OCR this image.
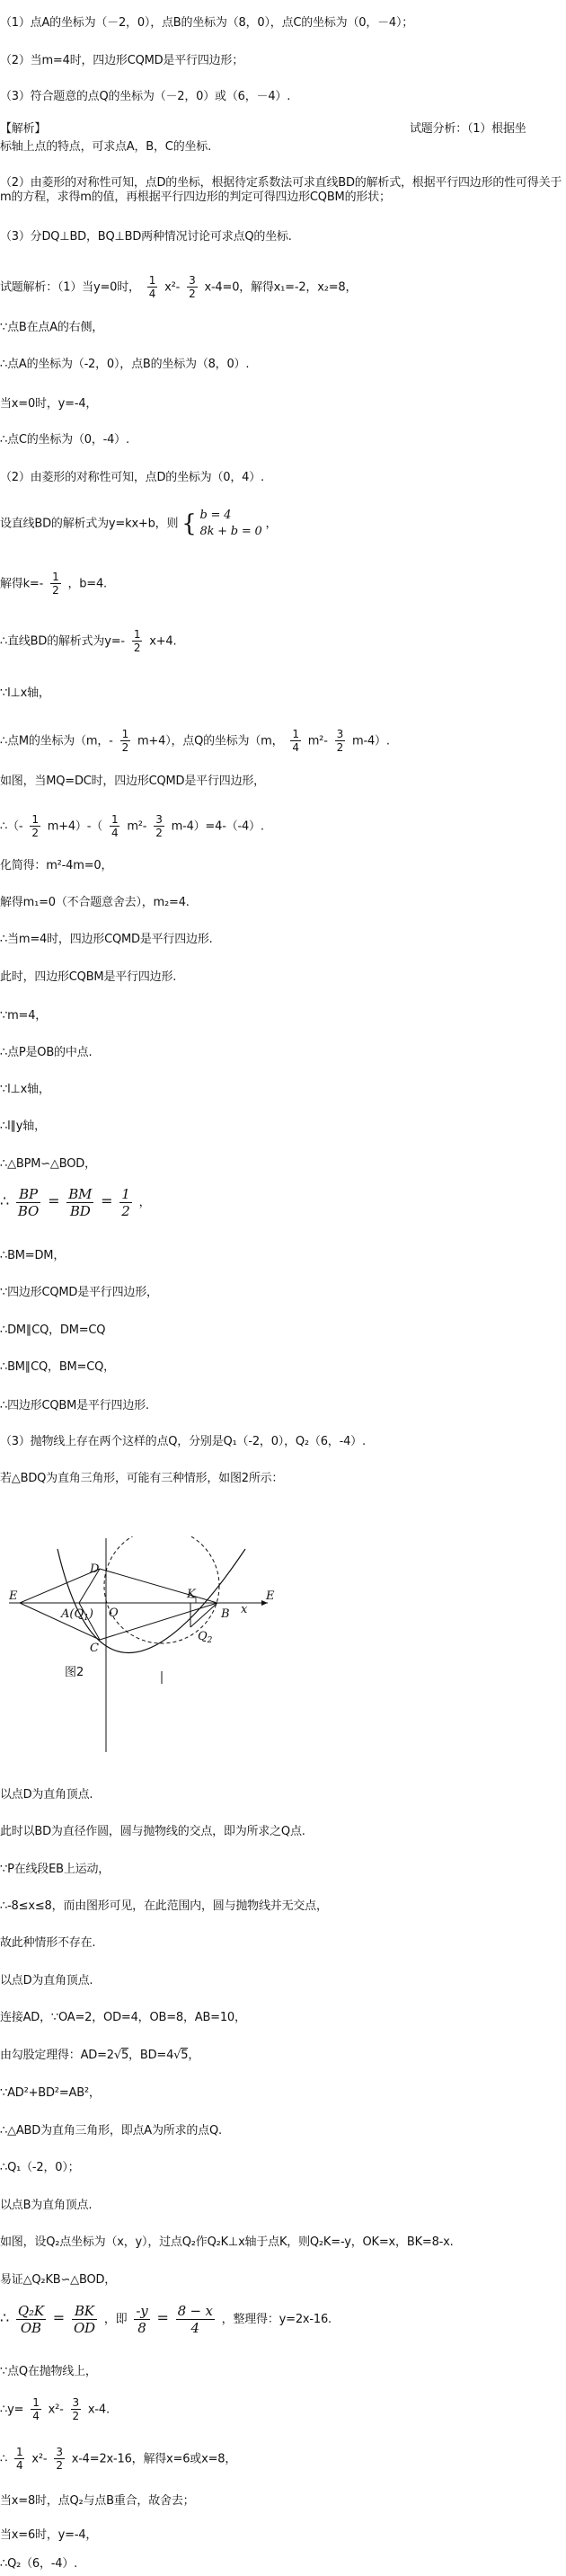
（1）点A的坐标为（－2，0），点B的坐标为（8，0），点C的坐标为（0，－4）；
（2）当m=4时，四边形CQMD是平行四边形；
（3）符合题意的点Q的坐标为（－2，0）或（6，－4）.
【解析】	试题分析：（1）根据坐
标轴上点的特点，可求点A，B，C的坐标.
（2）由菱形的对称性可知，点D的坐标，根据待定系数法可求直线BD的解析式，根据平行四边形的性可得关于m的方程，求得m的值，再根据平行四边形的判定可得四边形CQBM的形状；
（3）分DQ⊥BD，BQ⊥BD两种情况讨论可求点Q的坐标.
试题解析：（1）当y=0时， $\frac{1}{4} x^2- \frac{3}{2} x-4=0$，解得x₁=-2，x₂=8，
∵点B在点A的右侧，
∴点A的坐标为（-2，0），点B的坐标为（8，0）.
当x=0时，y=-4，
∴点C的坐标为（0，-4）.
（2）由菱形的对称性可知，点D的坐标为（0，4）.
设直线BD的解析式为y=kx+b，则 { b = 4
8k + b = 0
，
解得$k=- \frac{1}{2}$ ，b=4.
∴直线BD的解析式为$y=- \frac{1}{2} x+4$.
∵l⊥x轴，
∴点M的坐标为（m，- $\frac{1}{2} m+4$），点Q的坐标为（m， $\frac{1}{4} m^2- \frac{3}{2} m-4$）.
如图，当MQ=DC时，四边形CQMD是平行四边形，
∴（- $\frac{1}{2} m+4)-( \frac{1}{4} m^2- \frac{3}{2} m-4)=4-(-4)$.
化简得：m²-4m=0，
解得m₁=0（不合题意舍去），m₂=4.
∴当m=4时，四边形CQMD是平行四边形.
此时，四边形CQBM是平行四边形.
∵m=4，
∴点P是OB的中点.
∵l⊥x轴，
∴l∥y轴，
∴△BPM∽△BOD，
∴ $\frac{BP}{BO} = \frac{BM}{BD} = \frac{1}{2}$ ，
∴BM=DM，
∵四边形CQMD是平行四边形，
∴DM∥CQ，DM=CQ
∴BM∥CQ，BM=CQ，
∴四边形CQBM是平行四边形.
（3）抛物线上存在两个这样的点Q，分别是Q₁（-2，0），Q₂（6，-4）.
若△BDQ为直角三角形，可能有三种情形，如图2所示：
E
$A(Q_1)$ O
D
C
K
B
$Q_2$
x
E
图2
以点D为直角顶点.
此时以BD为直径作圆，圆与抛物线的交点，即为所求之Q点.
∵P在线段EB上运动，
∴-8≤x≤8，而由图形可见，在此范围内，圆与抛物线并无交点，
故此种情形不存在.
以点D为直角顶点.
连接AD，∵OA=2，OD=4，OB=8，AB=10，
由勾股定理得：AD=2√5，BD=4√5，
∵AD²+BD²=AB²，
∴△ABD为直角三角形，即点A为所求的点Q.
∴Q₁（-2，0）；
以点B为直角顶点.
如图，设Q₂点坐标为（x，y），过点Q₂作Q₂K⊥x轴于点K，则Q₂K=-y，OK=x，BK=8-x.
易证△Q₂KB∽△BOD，
∴ $\frac{\text{Q₂K}}{OB} = \frac{BK}{OD}$ ，即 $\frac{-y}{8} = \frac{8 - x}{4}$ ，整理得：y=2x-16.
∵点Q在抛物线上，
∴y= $\frac{1}{4} x^2- \frac{3}{2} x-4$.
∴ $\frac{1}{4} x^2- \frac{3}{2} x-4=2x-16$，解得x=6或x=8，
当x=8时，点Q₂与点B重合，故舍去；
当x=6时，y=-4，
∴Q₂（6，-4）.
